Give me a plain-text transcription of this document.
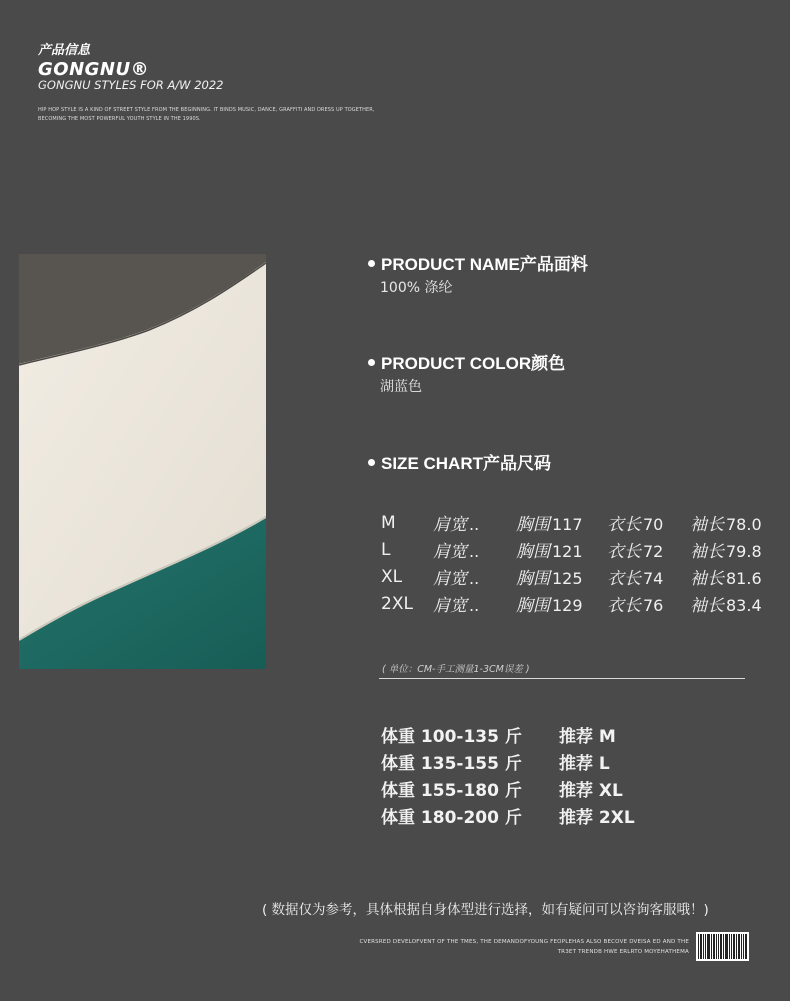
产品信息
GONGNU®
GONGNU STYLES FOR A/W 2022
HIP HOP STYLE IS A KIND OF STREET STYLE FROM THE BEGINNING. IT BINDS MUSIC, DANCE, GRAFFITI AND DRESS UP TOGETHER,
BECOMING THE MOST POWERFUL YOUTH STYLE IN THE 1990S.
PRODUCT NAME产品面料
100% 涤纶
PRODUCT COLOR颜色
湖蓝色
SIZE CHART产品尺码
M	肩宽 ..	胸围 117	衣长 70	袖长 78.0
L	肩宽 ..	胸围 121	衣长 72	袖长 79.8
XL	肩宽 ..	胸围 125	衣长 74	袖长 81.6
2XL	肩宽 ..	胸围 129	衣长 76	袖长 83.4
( 单位：CM-手工测量1-3CM误差 )
体重 100-135 斤	推荐 M
体重 135-155 斤	推荐 L
体重 155-180 斤	推荐 XL
体重 180-200 斤	推荐 2XL
( 数据仅为参考，具体根据自身体型进行选择，如有疑问可以咨询客服哦！)
CVERSRED DEVELOFVENT OF THE TMES, THE DEMANDOFYOUNG FEOPLEHAS ALSO BECOVE DVEISA ED AND THE
TR3ET TRENDB HWE ERLRTO MOYEHATHEMA
